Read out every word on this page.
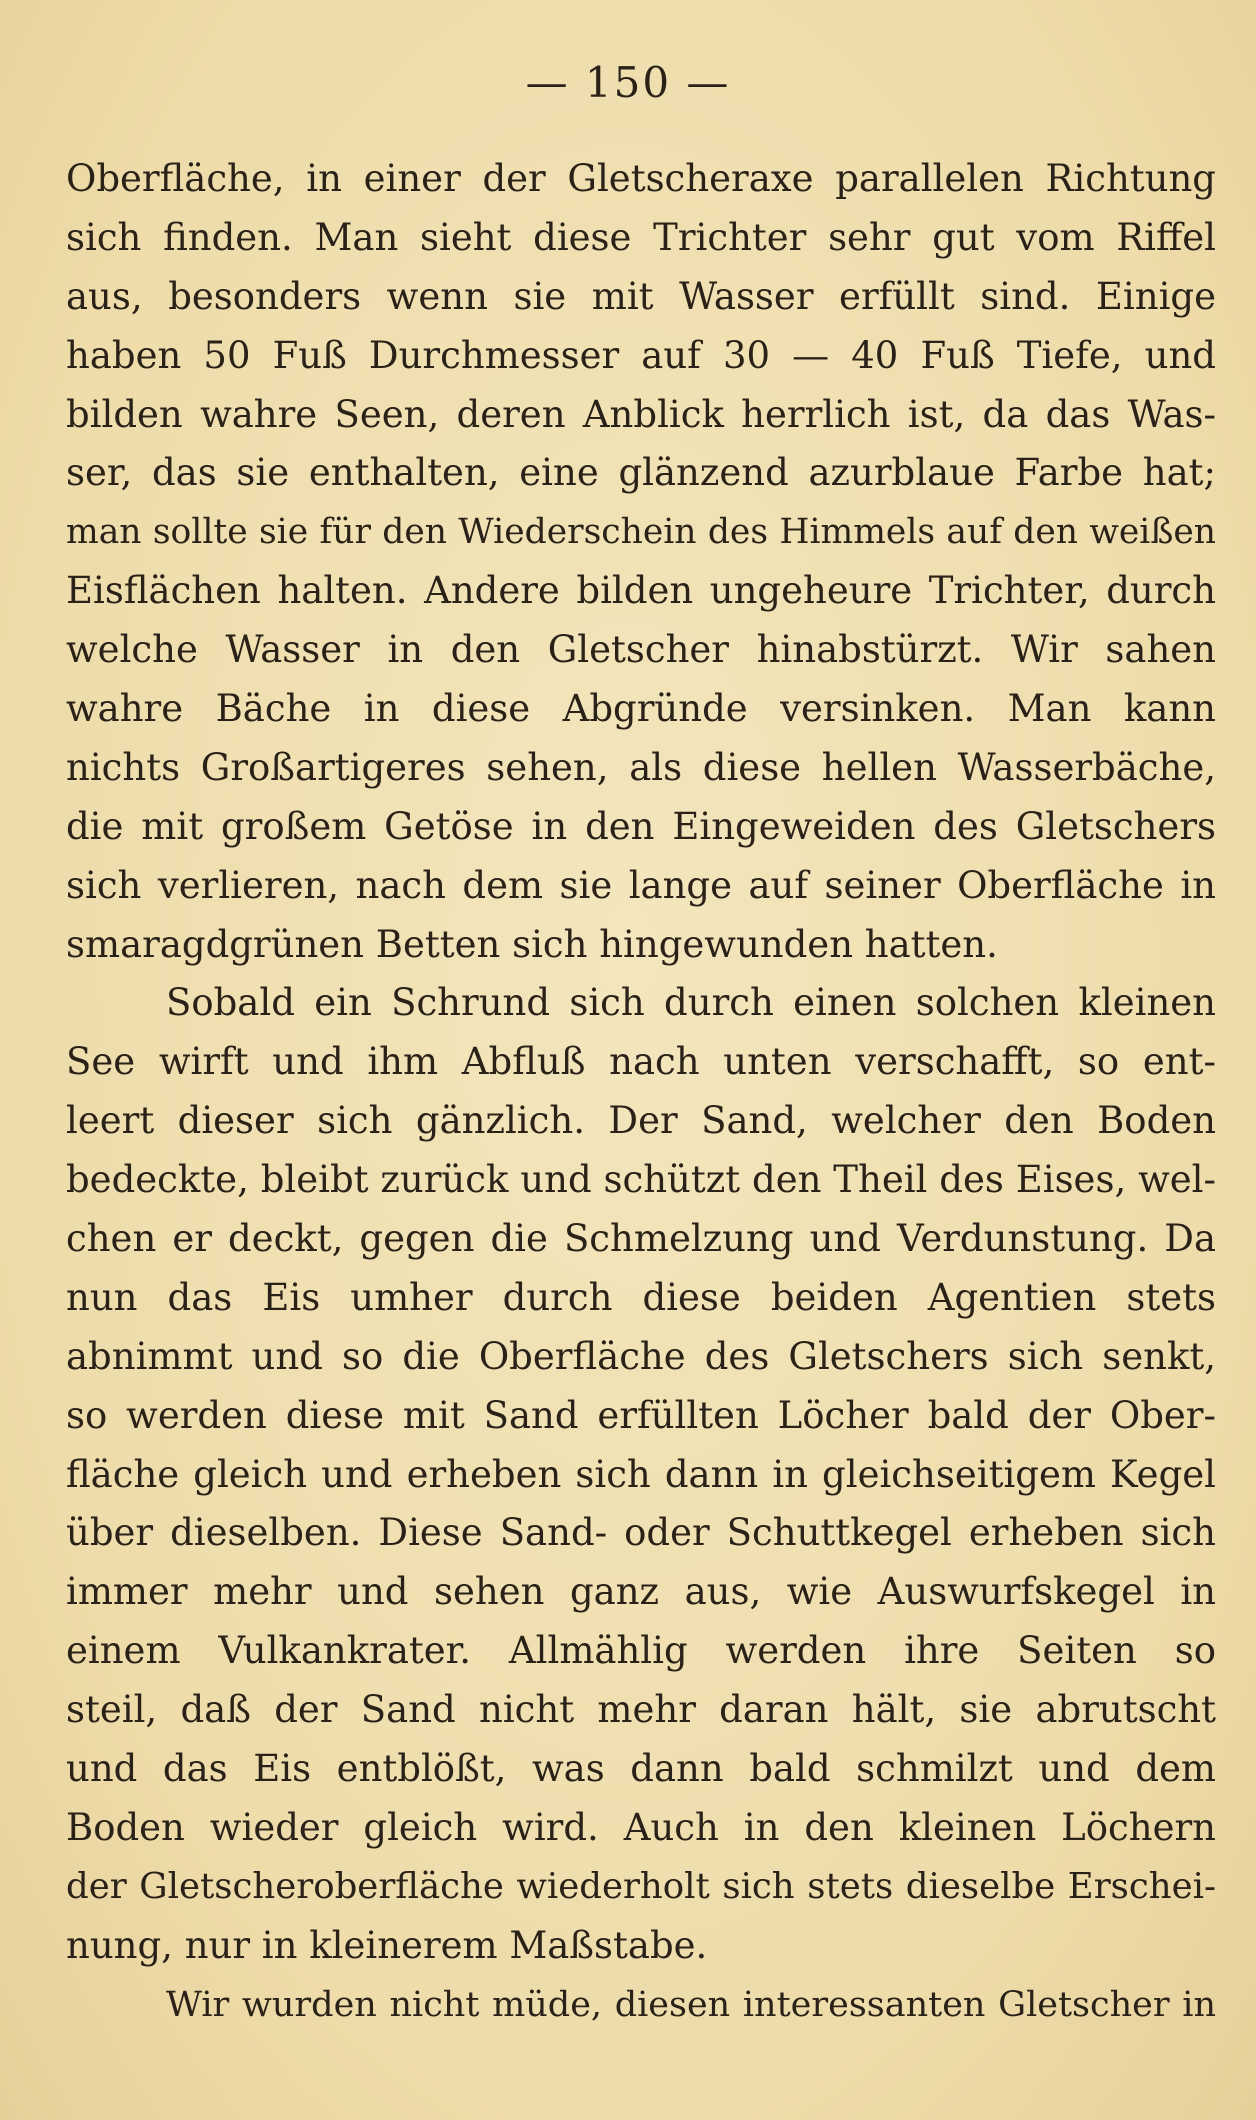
— 150 —
Oberfläche, in einer der Gletscheraxe parallelen Richtung
sich finden. Man sieht diese Trichter sehr gut vom Riffel
aus, besonders wenn sie mit Wasser erfüllt sind. Einige
haben 50 Fuß Durchmesser auf 30 — 40 Fuß Tiefe, und
bilden wahre Seen, deren Anblick herrlich ist, da das Was-
ser, das sie enthalten, eine glänzend azurblaue Farbe hat;
man sollte sie für den Wiederschein des Himmels auf den weißen
Eisflächen halten. Andere bilden ungeheure Trichter, durch
welche Wasser in den Gletscher hinabstürzt. Wir sahen
wahre Bäche in diese Abgründe versinken. Man kann
nichts Großartigeres sehen, als diese hellen Wasserbäche,
die mit großem Getöse in den Eingeweiden des Gletschers
sich verlieren, nach dem sie lange auf seiner Oberfläche in
smaragdgrünen Betten sich hingewunden hatten.
Sobald ein Schrund sich durch einen solchen kleinen
See wirft und ihm Abfluß nach unten verschafft, so ent-
leert dieser sich gänzlich. Der Sand, welcher den Boden
bedeckte, bleibt zurück und schützt den Theil des Eises, wel-
chen er deckt, gegen die Schmelzung und Verdunstung. Da
nun das Eis umher durch diese beiden Agentien stets
abnimmt und so die Oberfläche des Gletschers sich senkt,
so werden diese mit Sand erfüllten Löcher bald der Ober-
fläche gleich und erheben sich dann in gleichseitigem Kegel
über dieselben. Diese Sand- oder Schuttkegel erheben sich
immer mehr und sehen ganz aus, wie Auswurfskegel in
einem Vulkankrater. Allmählig werden ihre Seiten so
steil, daß der Sand nicht mehr daran hält, sie abrutscht
und das Eis entblößt, was dann bald schmilzt und dem
Boden wieder gleich wird. Auch in den kleinen Löchern
der Gletscheroberfläche wiederholt sich stets dieselbe Erschei-
nung, nur in kleinerem Maßstabe.
Wir wurden nicht müde, diesen interessanten Gletscher in
